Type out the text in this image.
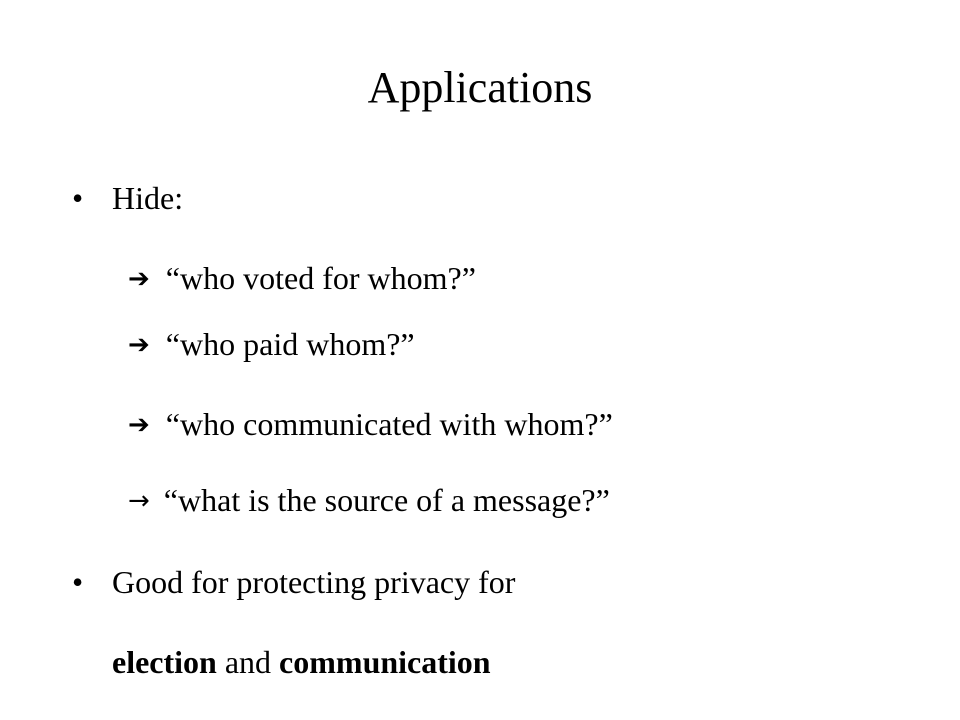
Applications
• Hide:
➔ “who voted for whom?”
➔ “who paid whom?”
➔ “who communicated with whom?”
→ “what is the source of a message?”
• Good for protecting privacy for
election and communication
